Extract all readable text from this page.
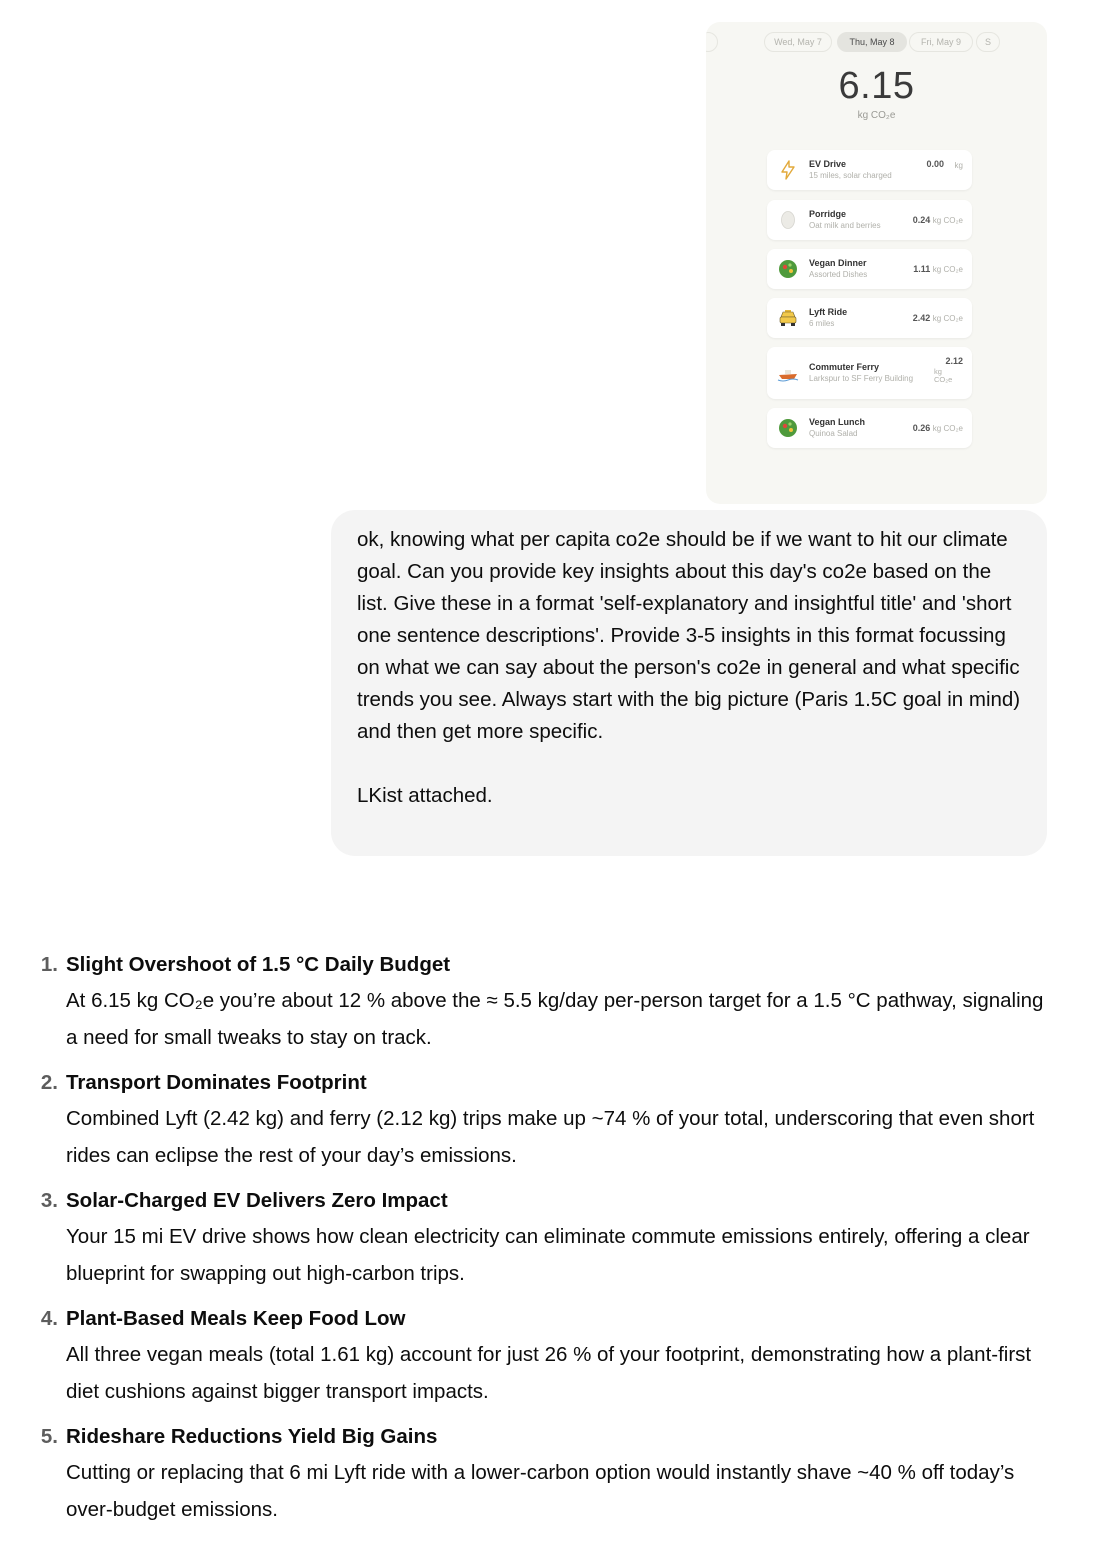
Wed, May 7	Thu, May 8	Fri, May 9	S
6.15
kg CO₂e
EV Drive
15 miles, solar charged
0.00 kg
Porridge
Oat milk and berries
0.24 kg CO₂e
Vegan Dinner
Assorted Dishes
1.11 kg CO₂e
Lyft Ride
6 miles
2.42 kg CO₂e
Commuter Ferry
Larkspur to SF Ferry Building
2.12
kg
CO₂e
Vegan Lunch
Quinoa Salad
0.26 kg CO₂e

ok, knowing what per capita co2e should be if we want to hit our climate goal. Can you provide key insights about this day's co2e based on the list. Give these in a format 'self-explanatory and insightful title' and 'short one sentence descriptions'. Provide 3-5 insights in this format focussing on what we can say about the person's co2e in general and what specific trends you see. Always start with the big picture (Paris 1.5C goal in mind) and then get more specific.

LKist attached.

1. Slight Overshoot of 1.5 °C Daily Budget

At 6.15 kg CO₂e you’re about 12 % above the ≈ 5.5 kg/day per-person target for a 1.5 °C pathway, signaling a need for small tweaks to stay on track.

2. Transport Dominates Footprint

Combined Lyft (2.42 kg) and ferry (2.12 kg) trips make up ~74 % of your total, underscoring that even short rides can eclipse the rest of your day’s emissions.

3. Solar-Charged EV Delivers Zero Impact

Your 15 mi EV drive shows how clean electricity can eliminate commute emissions entirely, offering a clear blueprint for swapping out high-carbon trips.

4. Plant-Based Meals Keep Food Low

All three vegan meals (total 1.61 kg) account for just 26 % of your footprint, demonstrating how a plant-first diet cushions against bigger transport impacts.

5. Rideshare Reductions Yield Big Gains

Cutting or replacing that 6 mi Lyft ride with a lower-carbon option would instantly shave ~40 % off today’s over-budget emissions.
